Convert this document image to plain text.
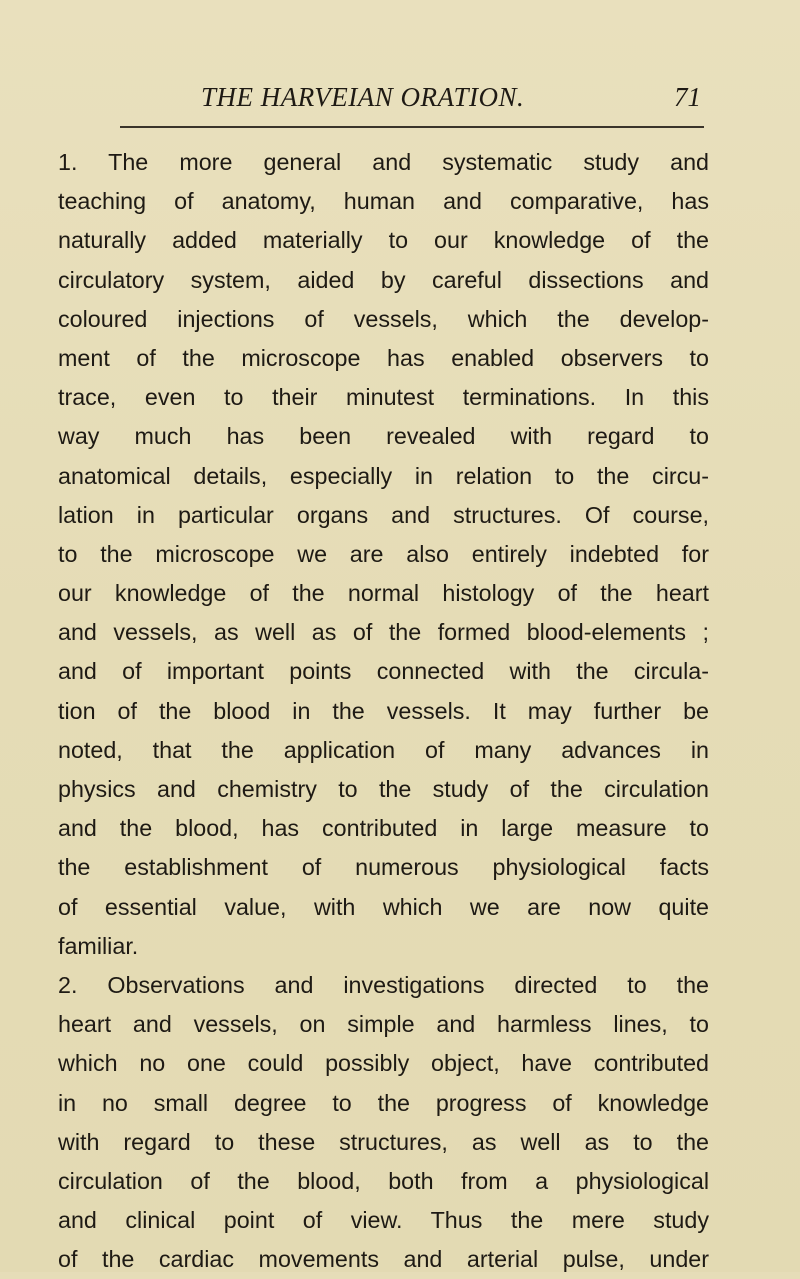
THE HARVEIAN ORATION.	71
1. The more general and systematic study and
teaching of anatomy, human and comparative, has
naturally added materially to our knowledge of the
circulatory system, aided by careful dissections and
coloured injections of vessels, which the develop-
ment of the microscope has enabled observers to
trace, even to their minutest terminations. In this
way much has been revealed with regard to
anatomical details, especially in relation to the circu-
lation in particular organs and structures. Of course,
to the microscope we are also entirely indebted for
our knowledge of the normal histology of the heart
and vessels, as well as of the formed blood-elements ;
and of important points connected with the circula-
tion of the blood in the vessels. It may further be
noted, that the application of many advances in
physics and chemistry to the study of the circulation
and the blood, has contributed in large measure to
the establishment of numerous physiological facts
of essential value, with which we are now quite
familiar.
2. Observations and investigations directed to the
heart and vessels, on simple and harmless lines, to
which no one could possibly object, have contributed
in no small degree to the progress of knowledge
with regard to these structures, as well as to the
circulation of the blood, both from a physiological
and clinical point of view. Thus the mere study
of the cardiac movements and arterial pulse, under
